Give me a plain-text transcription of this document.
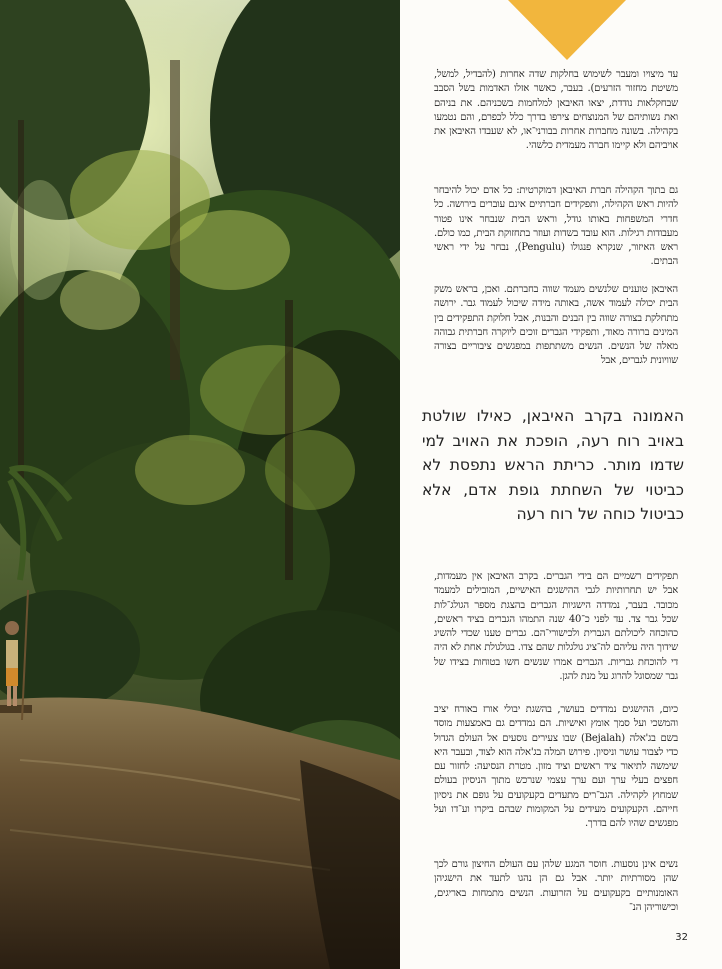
עד מיצויו ומעבר לשימוש בחלקות שדה אחרות (להבדיל, למשל, משיטת מחזור הזרעים). בעבר, כאשר אזלו האדמות בשל הסבב שבחקלאות נודדת, יצאו האיבאן למלחמות בשכניהם. את בניהם ואת נשותיהם של המנוצחים צירפו בדרך כלל לכפרם, והם נטמעו בקהילה. בשונה מחברות אחרות בבורני־או, לא שעבדו האיבאן את אויביהם ולא קיימו חברה מעמדית כלשהי.

גם בתוך הקהילה חברת האיבאן דמוקרטית: כל אדם יכול להיבחר להיות ראש הקהילה, ותפקידים חברתיים אינם עוברים בירושה. כל חדרי המשפחות באותו גודל, וראש הבית שנבחר אינו פטור מעבודות רגילות. הוא עובד בשדות ועוזר בתחזוקת הבית, כמו כולם. ראש האיזור, שנקרא פנגולו (Pengulu), נבחר על ידי ראשי הבתים.

האיבאן טוענים שלנשים מעמד שווה בחברתם. ואכן, בראש משק הבית יכולה לעמוד אשה, באותה מידה שיכול לעמוד גבר. ירושה מתחלקת בצורה שווה בין הבנים והבנות, אבל חלוקת התפקידים בין המינים ברורה מאוד, ותפקידי הגברים זוכים ליוקרה חברתית גבוהה מאלה של הנשים. הנשים משתתפות במפגשים ציבוריים בצורה שוויונית לגברים, אבל

האמונה בקרב האיבאן, כאילו שולטת באויב רוח רעה, הופכת את האויב למי שדמו מותר. כריתת הראש נתפסת לא כביטוי של השחתת גופת אדם, אלא כביטול כוחה של רוח רעה

תפקידים רשמיים הם בידי הגברים. בקרב האיבאן אין מעמדות, אבל יש תחרותיות לגבי ההישגים האישיים, המובילים למעמד מכובד. בעבר, נמדדה הישגיות הגברים בהצגת מספר הגולג־לות שכל גבר צד. עד לפני כ־40 שנה התמהו הגברים בציד ראשים, כהוכחה ליכולתם הגברית ולכישורי־הם. גברים טענו שכדי להשיג שידוך היה עליהם לה־ציג גולגלות שהם צדו. בגולגולת אחת לא היה די להוכחת גבריות. הגברים אמרו שנשים חשו בטוחות בצידו של גבר שמסוגל להרוג על מנת להגן.

כיום, ההישגים נמדדים בעושר, בהשגת יבולי אורז באורח יציב והמשכי ועל סמך אומץ ואישיות. הם נמדדים גם באמצעות מוסד בשם בג'אלה (Bejalah) שבו צעירים נוסעים אל העולם הגדול כדי לצבור עושר וניסיון. פירוש המלה בג'אלה הוא לצוד, ובעבר היא שימשה לתיאור ציד ראשים וציד מזון. מטרת הנסיעה: לחזור עם חפצים בעלי ערך ועם ערך עצמי שנרכש מתוך הניסיון בעולם שמחוץ לקהילה. הגב־רים מתעדים בקעקועים על גופם את ניסיון חייהם. הקעקועים מעידים על המקומות שבהם ביקרו וע־דו ועל מפגשים שהיו להם בדרך.

נשים אינן נוסעות. חוסר המגע שלהן עם העולם החיצון גורם לכך שהן מסורתיות יותר. אבל גם הן נהגו לתעד את הישגיהן האומנותיים בקעקועים על הזרועות. הנשים מתמחות באריגים, וכישוריהן הנ־

32
